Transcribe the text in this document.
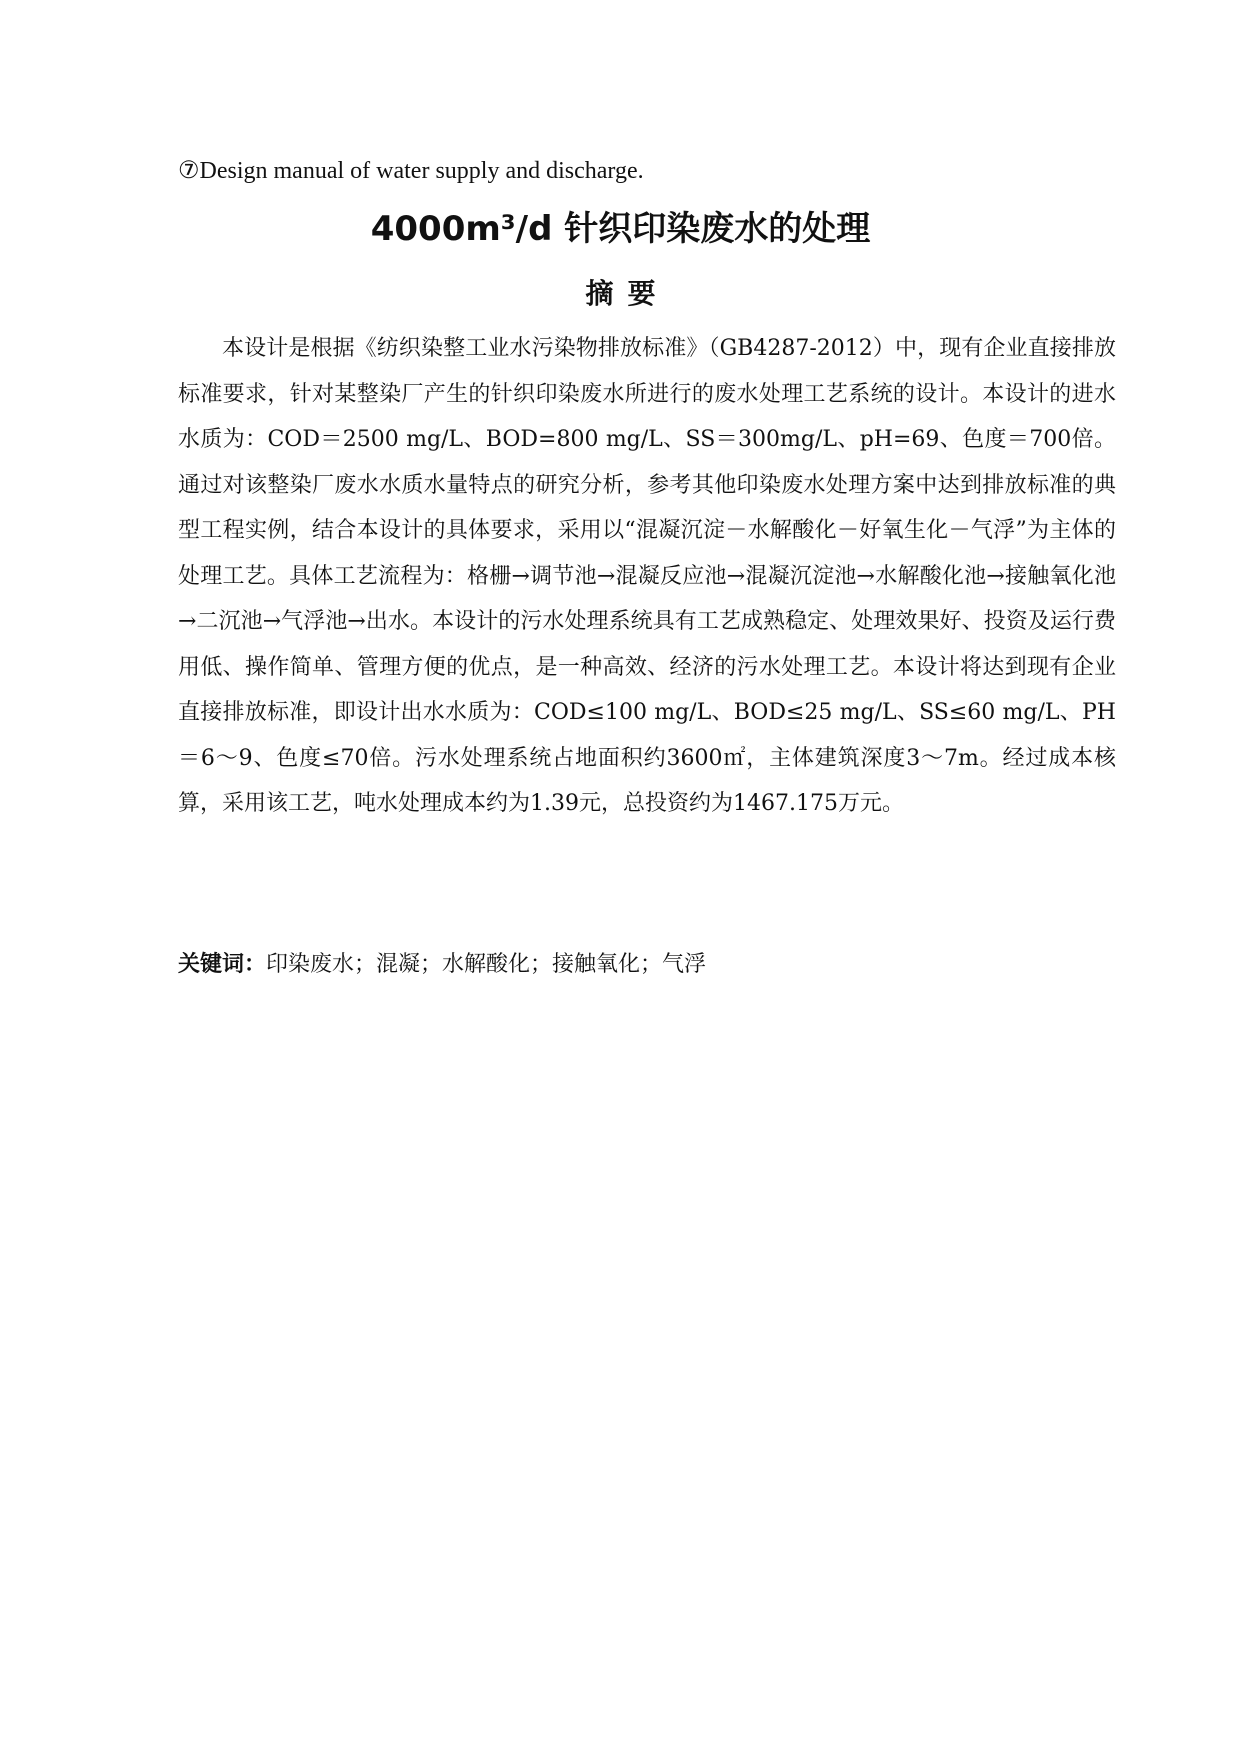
⑦Design manual of water supply and discharge.
4000m³/d 针织印染废水的处理
摘要
本设计是根据《纺织染整工业水污染物排放标准》（GB4287-2012）中，现有企业直接排放标准要求，针对某整染厂产生的针织印染废水所进行的废水处理工艺系统的设计。本设计的进水水质为：COD＝2500 mg/L、BOD=800 mg/L、SS＝300mg/L、pH=69、色度＝700倍。通过对该整染厂废水水质水量特点的研究分析，参考其他印染废水处理方案中达到排放标准的典型工程实例，结合本设计的具体要求，采用以“混凝沉淀－水解酸化－好氧生化－气浮”为主体的处理工艺。具体工艺流程为：格栅→调节池→混凝反应池→混凝沉淀池→水解酸化池→接触氧化池→二沉池→气浮池→出水。本设计的污水处理系统具有工艺成熟稳定、处理效果好、投资及运行费用低、操作简单、管理方便的优点，是一种高效、经济的污水处理工艺。本设计将达到现有企业直接排放标准，即设计出水水质为：COD≤100 mg/L、BOD≤25 mg/L、SS≤60 mg/L、PH＝6～9、色度≤70倍。污水处理系统占地面积约3600㎡，主体建筑深度3～7m。经过成本核算，采用该工艺，吨水处理成本约为1.39元，总投资约为1467.175万元。
关键词：印染废水；混凝；水解酸化；接触氧化；气浮
